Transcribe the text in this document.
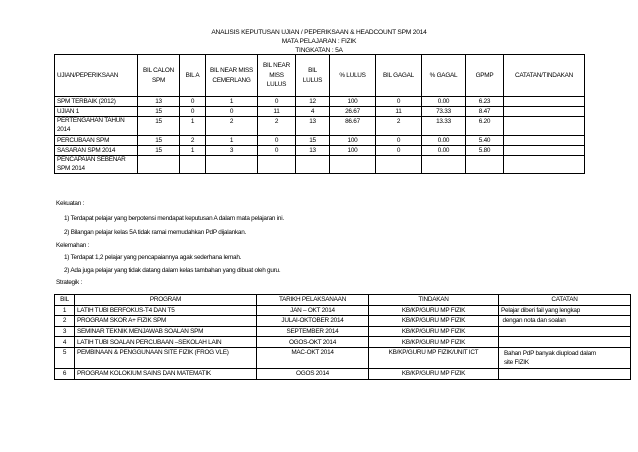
ANALISIS KEPUTUSAN UJIAN / PEPERIKSAAN & HEADCOUNT SPM 2014
MATA PELAJARAN : FIZIK
TINGKATAN : 5A
UJIAN/PEPERIKSAAN	BIL CALON SPM	BIL A	BIL NEAR MISS CEMERLANG	BIL NEAR MISS LULUS	BIL LULUS	% LULUS	BIL GAGAL	% GAGAL	GPMP	CATATAN/TINDAKAN
SPM TERBAIK (2012)	13	0	1	0	12	100	0	0.00	6.23	
UJIAN 1	15	0	0	11	4	26.67	11	73.33	8.47	
PERTENGAHAN TAHUN 2014	15	1	2	2	13	86.67	2	13.33	6.20	
PERCUBAAN SPM	15	2	1	0	15	100	0	0.00	5.40	
SASARAN SPM 2014	15	1	3	0	13	100	0	0.00	5.80	
PENCAPAIAN SEBENAR SPM 2014										
Kekuatan :
1) Terdapat pelajar yang berpotensi mendapat keputusan A dalam mata pelajaran ini.
2) Bilangan pelajar kelas 5A tidak ramai memudahkan PdP dijalankan.
Kelemahan :
1) Terdapat 1,2 pelajar yang pencapaiannya agak sederhana lemah.
2) Ada juga pelajar yang tidak datang dalam kelas tambahan yang dibuat oleh guru.
Strategik :
BIL	PROGRAM	TARIKH PELAKSANAAN	TINDAKAN	CATATAN
1	LATIH TUBI BERFOKUS-T4 DAN T5	JAN – OKT 2014	KB/KP/GURU MP FIZIK	Pelajar diberi fail yang lengkap
2	PROGRAM SKOR A+ FIZIK SPM	JULAI-OKTOBER 2014	KB/KP/GURU MP FIZIK	dengan nota dan soalan
3	SEMINAR TEKNIK MENJAWAB SOALAN SPM	SEPTEMBER 2014	KB/KP/GURU MP FIZIK	
4	LATIH TUBI SOALAN PERCUBAAN –SEKOLAH LAIN	OGOS-OKT 2014	KB/KP/GURU MP FIZIK	
5	PEMBINAAN & PENGGUNAAN SITE FIZIK (FROG VLE)	MAC-OKT 2014	KB/KP/GURU MP FIZIK/UNIT ICT	Bahan PdP banyak diupload dalam site FIZIK
6	PROGRAM KOLOKIUM SAINS DAN MATEMATIK	OGOS 2014	KB/KP/GURU MP FIZIK	
